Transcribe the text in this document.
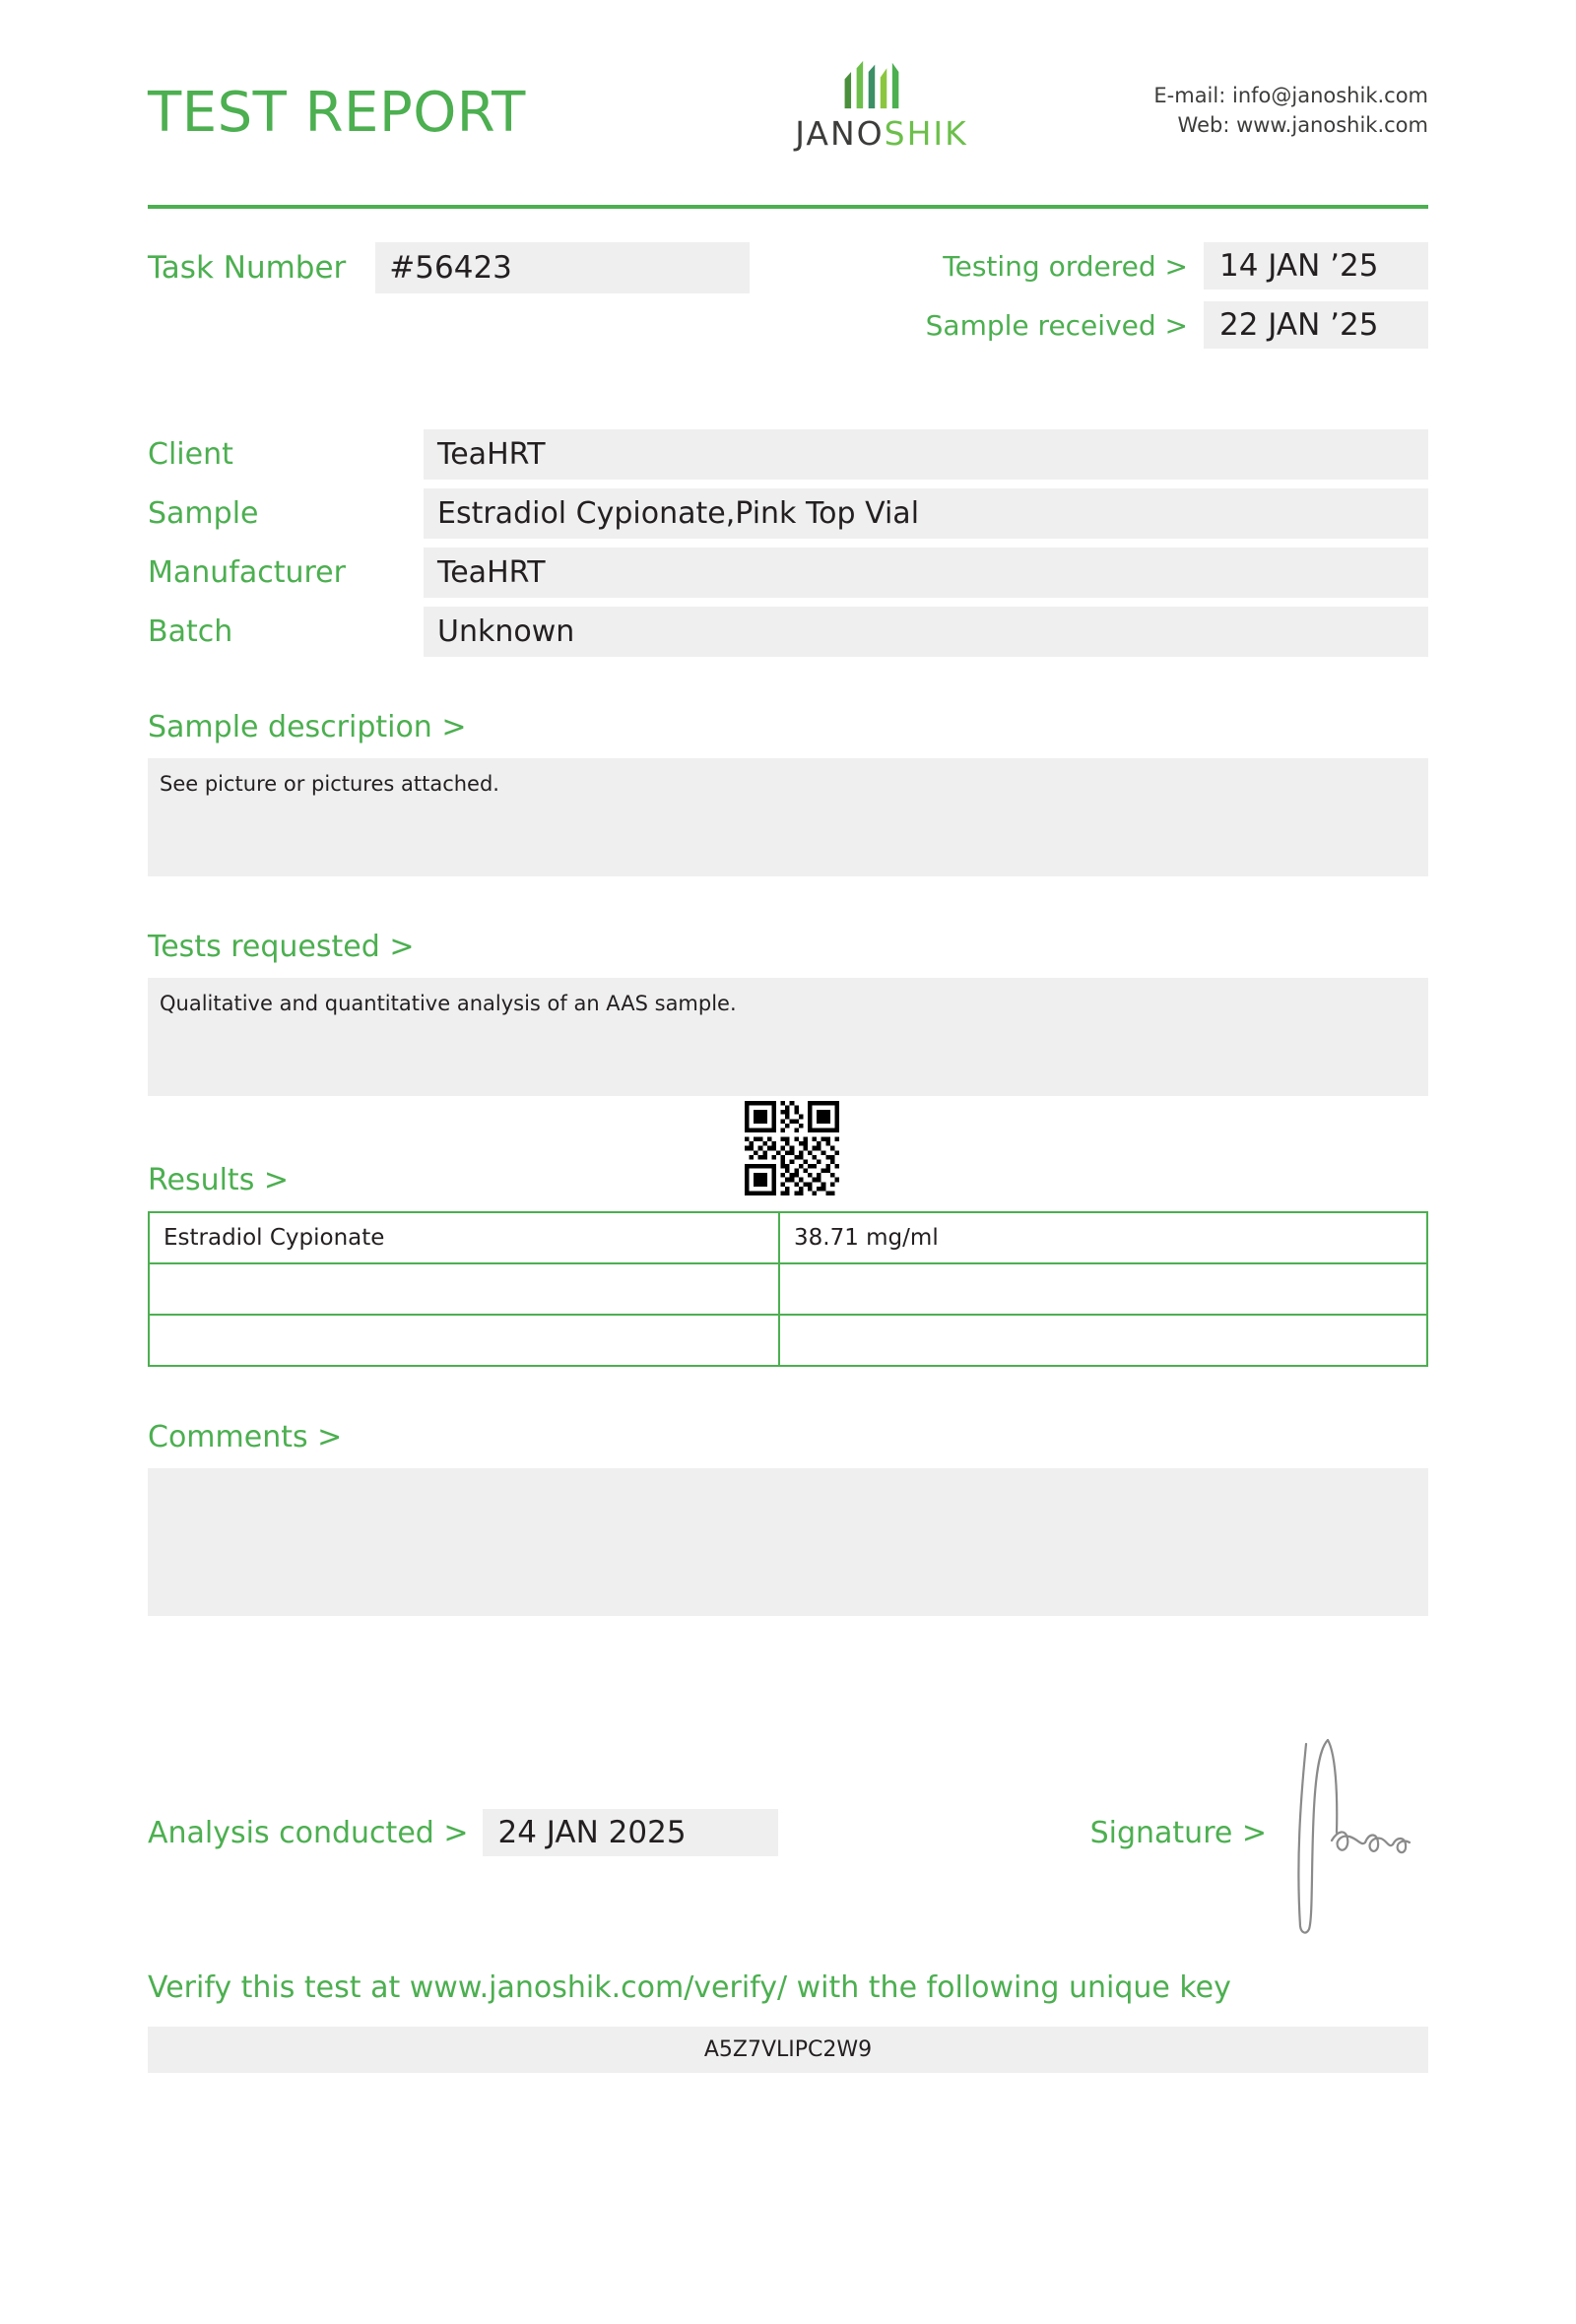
TEST REPORT	JANOSHIK
E-mail: info@janoshik.com
Web: www.janoshik.com
Task Number	#56423	Testing ordered >	14 JAN ’25
Sample received >	22 JAN ’25
Client	TeaHRT
Sample	Estradiol Cypionate,Pink Top Vial
Manufacturer	TeaHRT
Batch	Unknown
Sample description >
See picture or pictures attached.
Tests requested >
Qualitative and quantitative analysis of an AAS sample.
Results >
Estradiol Cypionate	38.71 mg/ml

Comments >
Analysis conducted > 24 JAN 2025	Signature >
Verify this test at www.janoshik.com/verify/ with the following unique key
A5Z7VLIPC2W9
